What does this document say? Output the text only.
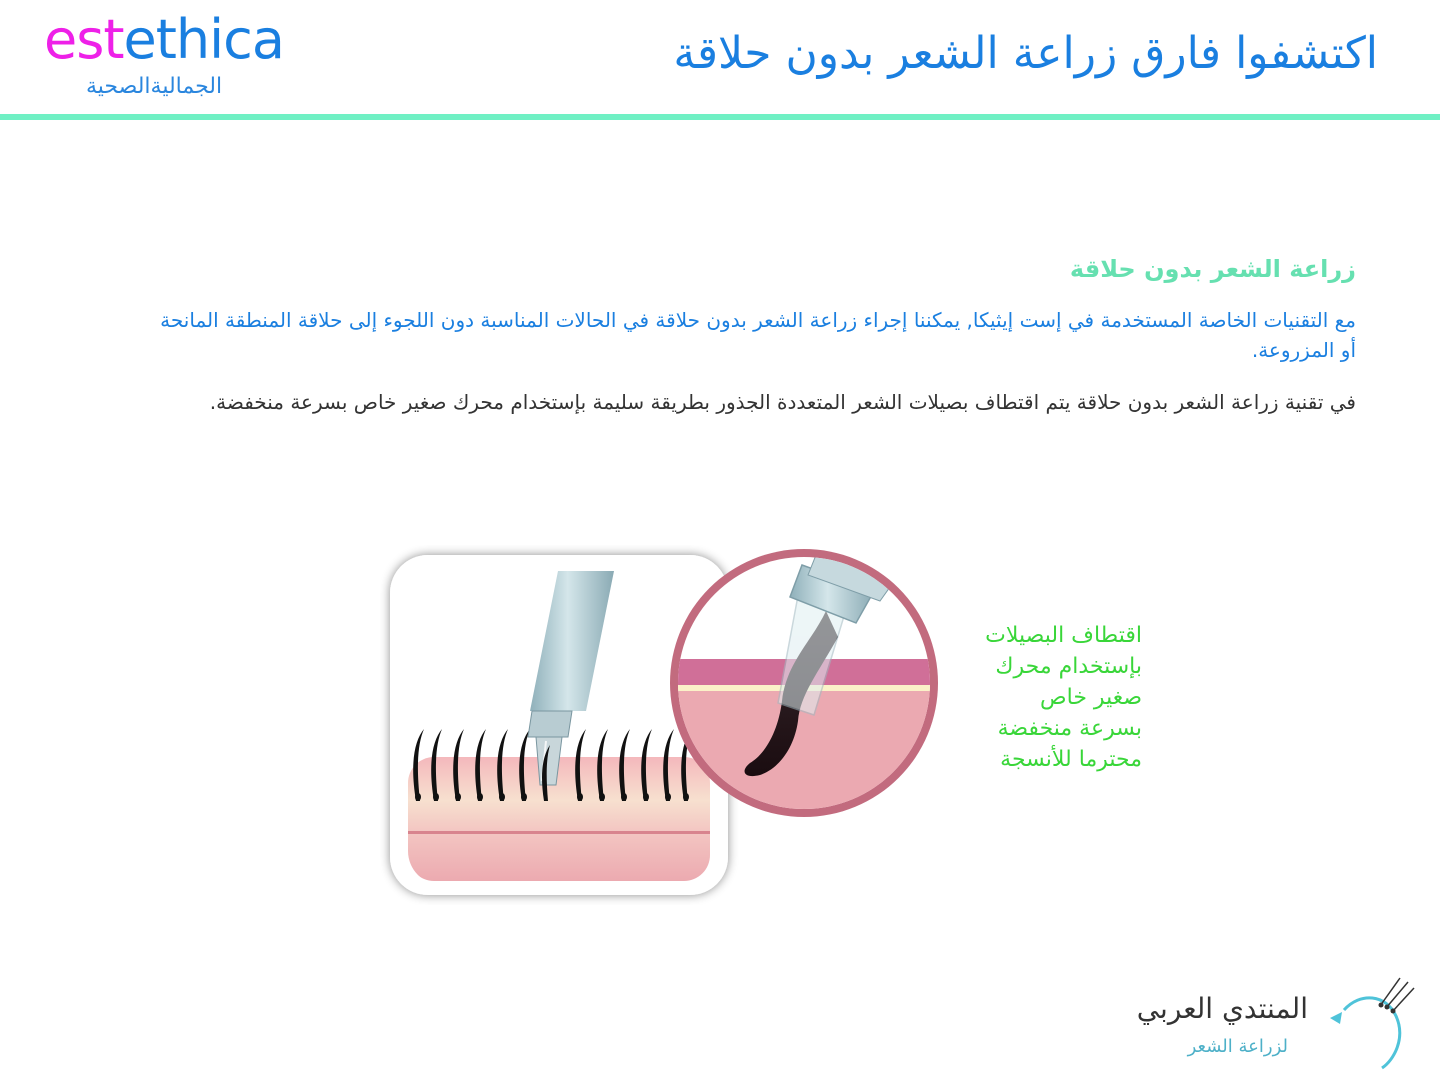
estethica
الجماليةالصحية
اكتشفوا فارق زراعة الشعر بدون حلاقة
زراعة الشعر بدون حلاقة

مع التقنيات الخاصة المستخدمة في إست إيثيكا, يمكننا إجراء زراعة الشعر بدون حلاقة في الحالات المناسبة دون اللجوء إلى حلاقة المنطقة المانحة أو المزروعة.

في تقنية زراعة الشعر بدون حلاقة يتم اقتطاف بصيلات الشعر المتعددة الجذور بطريقة سليمة بإستخدام محرك صغير خاص بسرعة منخفضة.

اقتطاف البصيلات
بإستخدام محرك
صغير خاص
بسرعة منخفضة
محترما للأنسجة
المنتدي العربي
لزراعة الشعر
